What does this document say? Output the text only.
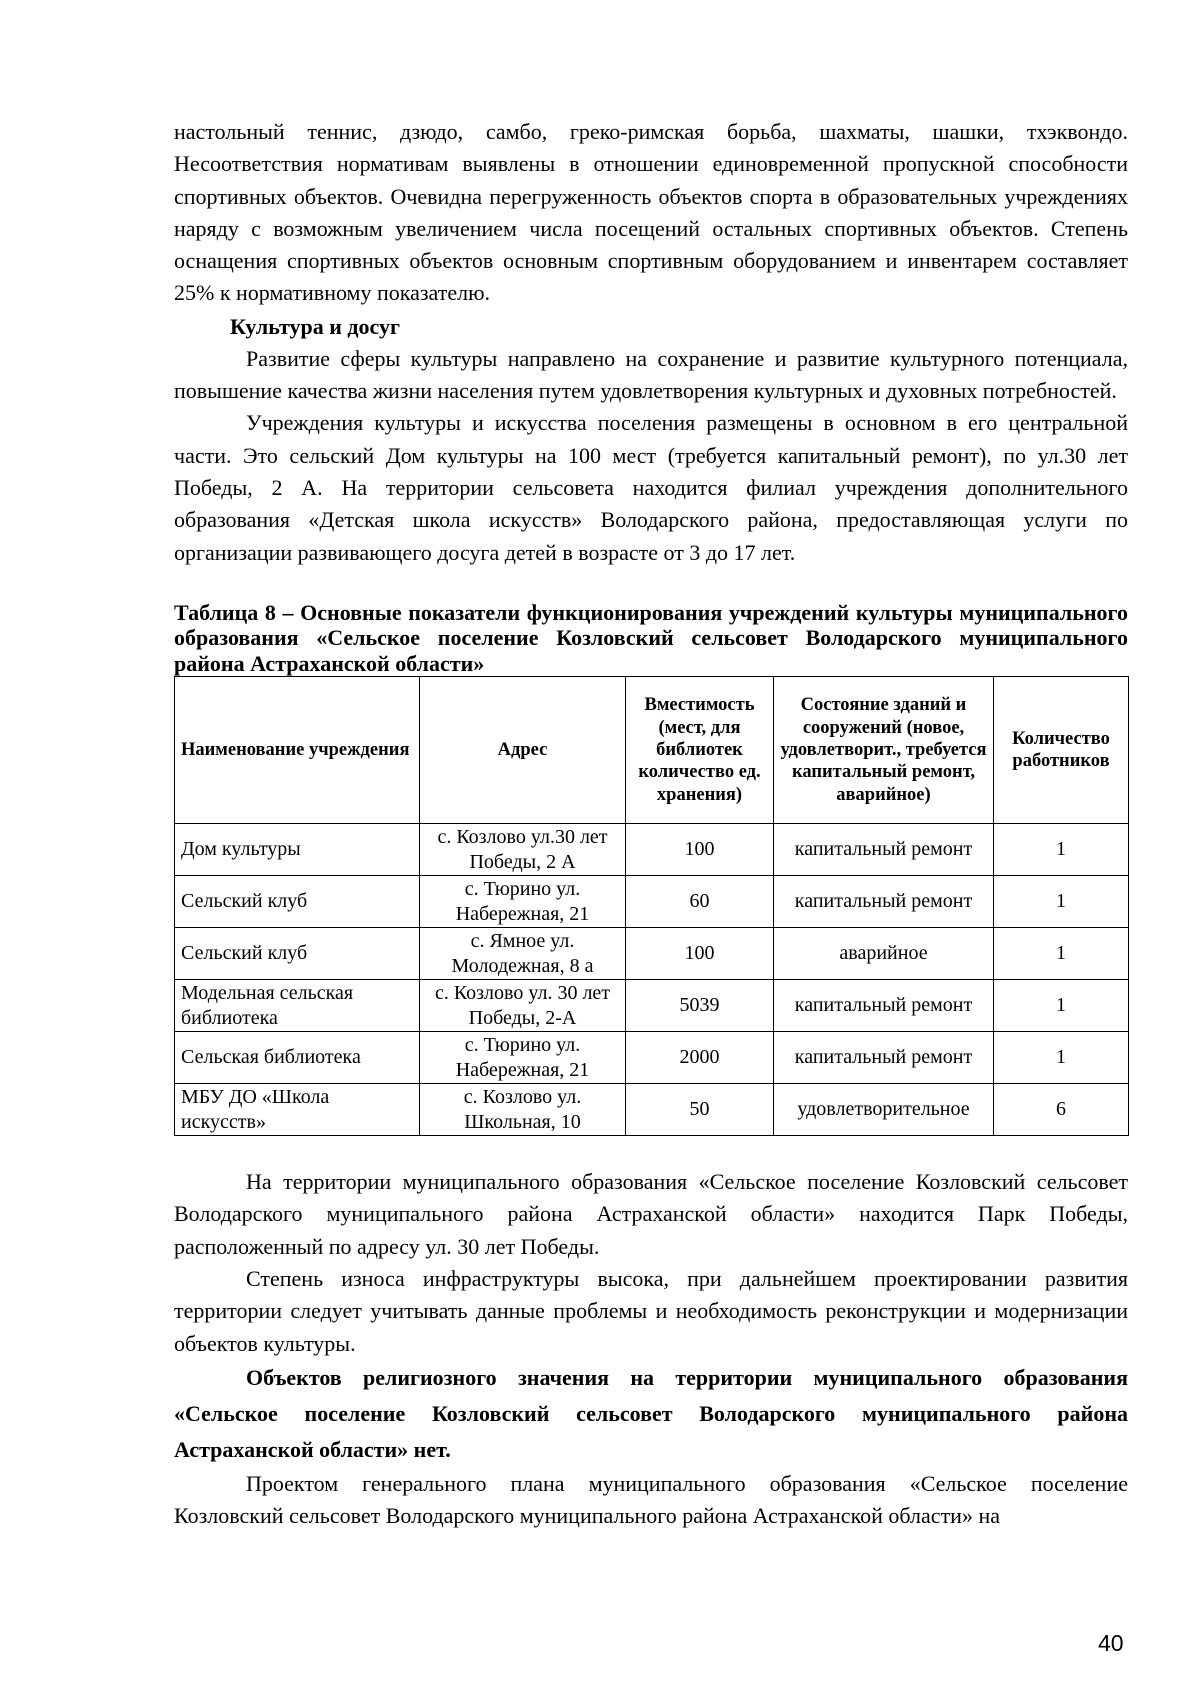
настольный теннис, дзюдо, самбо, греко-римская борьба, шахматы, шашки, тхэквондо. Несоответствия нормативам выявлены в отношении единовременной пропускной способности спортивных объектов. Очевидна перегруженность объектов спорта в образовательных учреждениях наряду с возможным увеличением числа посещений остальных спортивных объектов. Степень оснащения спортивных объектов основным спортивным оборудованием и инвентарем составляет 25% к нормативному показателю.

Культура и досуг

Развитие сферы культуры направлено на сохранение и развитие культурного потенциала, повышение качества жизни населения путем удовлетворения культурных и духовных потребностей.

Учреждения культуры и искусства поселения размещены в основном в его центральной части. Это сельский Дом культуры на 100 мест (требуется капитальный ремонт), по ул.30 лет Победы, 2 А. На территории сельсовета находится филиал учреждения дополнительного образования «Детская школа искусств» Володарского района, предоставляющая услуги по организации развивающего досуга детей в возрасте от 3 до 17 лет.

Таблица 8 – Основные показатели функционирования учреждений культуры муниципального образования «Сельское поселение Козловский сельсовет Володарского муниципального района Астраханской области»

Наименование учреждения	Адрес	Вместимость (мест, для библиотек количество ед. хранения)	Состояние зданий и сооружений (новое, удовлетворит., требуется капитальный ремонт, аварийное)	Количество работников
Дом культуры	с. Козлово ул.30 лет Победы, 2 А	100	капитальный ремонт	1
Сельский клуб	с. Тюрино ул. Набережная, 21	60	капитальный ремонт	1
Сельский клуб	с. Ямное ул. Молодежная, 8 а	100	аварийное	1
Модельная сельская библиотека	с. Козлово ул. 30 лет Победы, 2-А	5039	капитальный ремонт	1
Сельская библиотека	с. Тюрино ул. Набережная, 21	2000	капитальный ремонт	1
МБУ ДО «Школа искусств»	с. Козлово ул. Школьная, 10	50	удовлетворительное	6

На территории муниципального образования «Сельское поселение Козловский сельсовет Володарского муниципального района Астраханской области» находится Парк Победы, расположенный по адресу ул. 30 лет Победы.

Степень износа инфраструктуры высока, при дальнейшем проектировании развития территории следует учитывать данные проблемы и необходимость реконструкции и модернизации объектов культуры.

Объектов религиозного значения на территории муниципального образования «Сельское поселение Козловский сельсовет Володарского муниципального района Астраханской области» нет.

Проектом генерального плана муниципального образования «Сельское поселение Козловский сельсовет Володарского муниципального района Астраханской области» на

40
